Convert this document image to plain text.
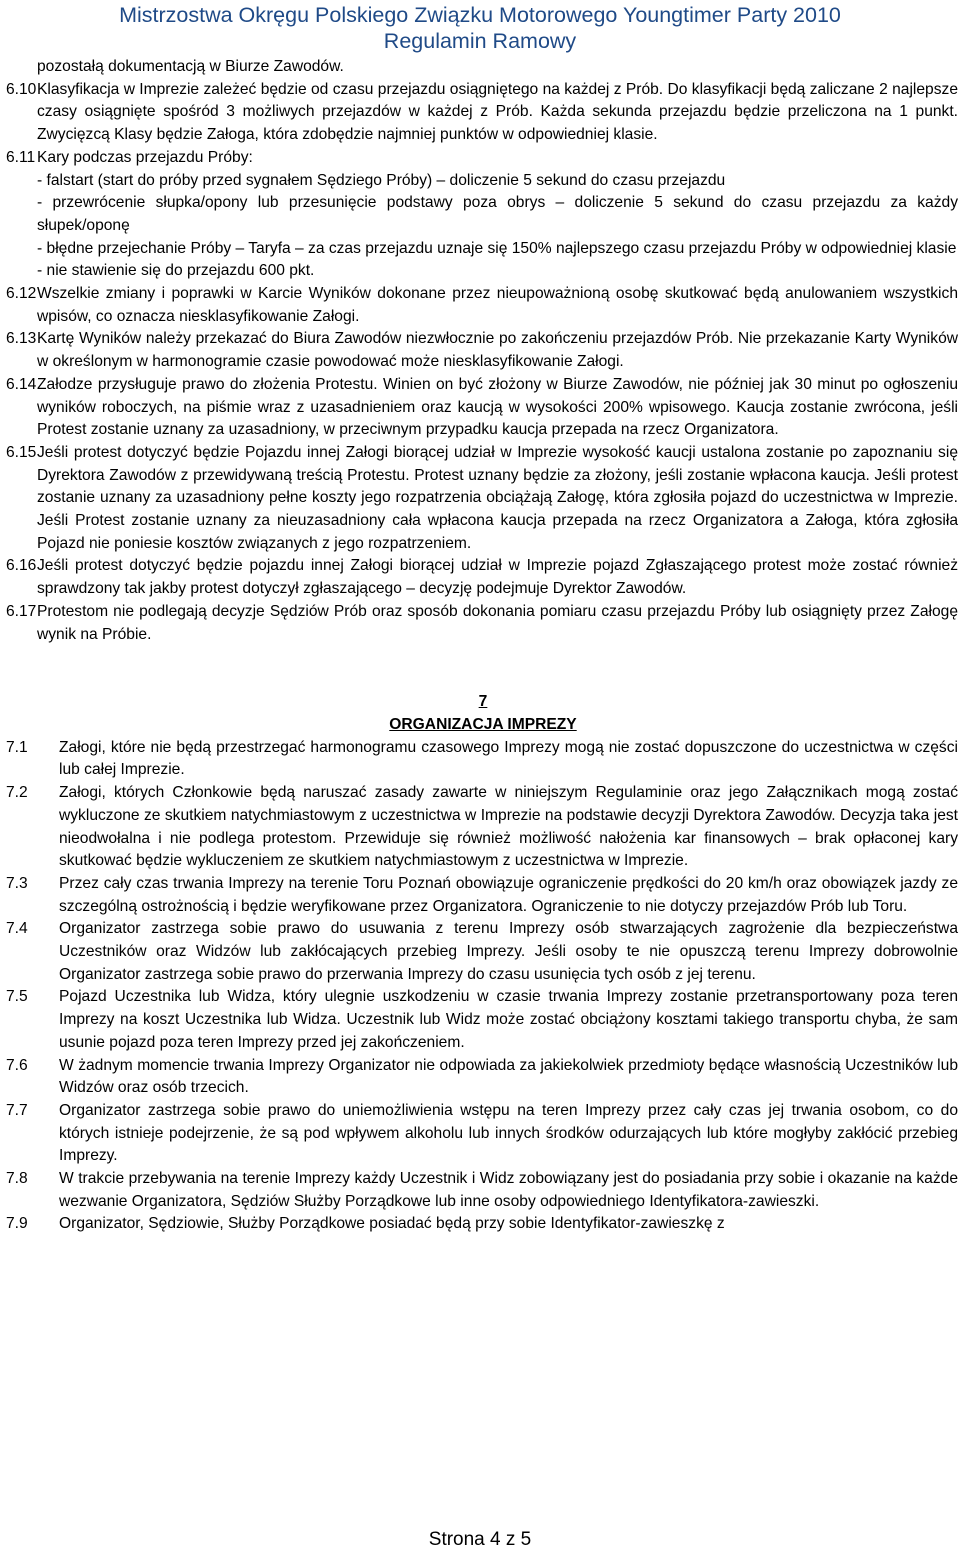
Mistrzostwa Okręgu Polskiego Związku Motorowego Youngtimer Party 2010
Regulamin Ramowy
pozostałą dokumentacją w Biurze Zawodów.
6.10 Klasyfikacja w Imprezie zależeć będzie od czasu przejazdu osiągniętego na każdej z Prób. Do klasyfikacji będą zaliczane 2 najlepsze czasy osiągnięte spośród 3 możliwych przejazdów w każdej z Prób. Każda sekunda przejazdu będzie przeliczona na 1 punkt. Zwycięzcą Klasy będzie Załoga, która zdobędzie najmniej punktów w odpowiedniej klasie.
6.11 Kary podczas przejazdu Próby:
- falstart (start do próby przed sygnałem Sędziego Próby) – doliczenie 5 sekund do czasu przejazdu
- przewrócenie słupka/opony lub przesunięcie podstawy poza obrys – doliczenie 5 sekund do czasu przejazdu za każdy słupek/oponę
- błędne przejechanie Próby – Taryfa – za czas przejazdu uznaje się 150% najlepszego czasu przejazdu Próby w odpowiedniej klasie
- nie stawienie się do przejazdu 600 pkt.
6.12 Wszelkie zmiany i poprawki w Karcie Wyników dokonane przez nieupoważnioną osobę skutkować będą anulowaniem wszystkich wpisów, co oznacza niesklasyfikowanie Załogi.
6.13 Kartę Wyników należy przekazać do Biura Zawodów niezwłocznie po zakończeniu przejazdów Prób. Nie przekazanie Karty Wyników w określonym w harmonogramie czasie powodować może niesklasyfikowanie Załogi.
6.14 Załodze przysługuje prawo do złożenia Protestu. Winien on być złożony w Biurze Zawodów, nie później jak 30 minut po ogłoszeniu wyników roboczych, na piśmie wraz z uzasadnieniem oraz kaucją w wysokości 200% wpisowego. Kaucja zostanie zwrócona, jeśli Protest zostanie uznany za uzasadniony, w przeciwnym przypadku kaucja przepada na rzecz Organizatora.
6.15 Jeśli protest dotyczyć będzie Pojazdu innej Załogi biorącej udział w Imprezie wysokość kaucji ustalona zostanie po zapoznaniu się Dyrektora Zawodów z przewidywaną treścią Protestu. Protest uznany będzie za złożony, jeśli zostanie wpłacona kaucja. Jeśli protest zostanie uznany za uzasadniony pełne koszty jego rozpatrzenia obciążają Załogę, która zgłosiła pojazd do uczestnictwa w Imprezie. Jeśli Protest zostanie uznany za nieuzasadniony cała wpłacona kaucja przepada na rzecz Organizatora a Załoga, która zgłosiła Pojazd nie poniesie kosztów związanych z jego rozpatrzeniem.
6.16 Jeśli protest dotyczyć będzie pojazdu innej Załogi biorącej udział w Imprezie pojazd Zgłaszającego protest może zostać również sprawdzony tak jakby protest dotyczył zgłaszającego – decyzję podejmuje Dyrektor Zawodów.
6.17 Protestom nie podlegają decyzje Sędziów Prób oraz sposób dokonania pomiaru czasu przejazdu Próby lub osiągnięty przez Załogę wynik na Próbie.
7
ORGANIZACJA IMPREZY
7.1 Załogi, które nie będą przestrzegać harmonogramu czasowego Imprezy mogą nie zostać dopuszczone do uczestnictwa w części lub całej Imprezie.
7.2 Załogi, których Członkowie będą naruszać zasady zawarte w niniejszym Regulaminie oraz jego Załącznikach mogą zostać wykluczone ze skutkiem natychmiastowym z uczestnictwa w Imprezie na podstawie decyzji Dyrektora Zawodów. Decyzja taka jest nieodwołalna i nie podlega protestom. Przewiduje się również możliwość nałożenia kar finansowych – brak opłaconej kary skutkować będzie wykluczeniem ze skutkiem natychmiastowym z uczestnictwa w Imprezie.
7.3 Przez cały czas trwania Imprezy na terenie Toru Poznań obowiązuje ograniczenie prędkości do 20 km/h oraz obowiązek jazdy ze szczególną ostrożnością i będzie weryfikowane przez Organizatora. Ograniczenie to nie dotyczy przejazdów Prób lub Toru.
7.4 Organizator zastrzega sobie prawo do usuwania z terenu Imprezy osób stwarzających zagrożenie dla bezpieczeństwa Uczestników oraz Widzów lub zakłócających przebieg Imprezy. Jeśli osoby te nie opuszczą terenu Imprezy dobrowolnie Organizator zastrzega sobie prawo do przerwania Imprezy do czasu usunięcia tych osób z jej terenu.
7.5 Pojazd Uczestnika lub Widza, który ulegnie uszkodzeniu w czasie trwania Imprezy zostanie przetransportowany poza teren Imprezy na koszt Uczestnika lub Widza. Uczestnik lub Widz może zostać obciążony kosztami takiego transportu chyba, że sam usunie pojazd poza teren Imprezy przed jej zakończeniem.
7.6 W żadnym momencie trwania Imprezy Organizator nie odpowiada za jakiekolwiek przedmioty będące własnością Uczestników lub Widzów oraz osób trzecich.
7.7 Organizator zastrzega sobie prawo do uniemożliwienia wstępu na teren Imprezy przez cały czas jej trwania osobom, co do których istnieje podejrzenie, że są pod wpływem alkoholu lub innych środków odurzających lub które mogłyby zakłócić przebieg Imprezy.
7.8 W trakcie przebywania na terenie Imprezy każdy Uczestnik i Widz zobowiązany jest do posiadania przy sobie i okazanie na każde wezwanie Organizatora, Sędziów Służby Porządkowe lub inne osoby odpowiedniego Identyfikatora-zawieszki.
7.9 Organizator, Sędziowie, Służby Porządkowe posiadać będą przy sobie Identyfikator-zawieszkę z
Strona 4 z 5
